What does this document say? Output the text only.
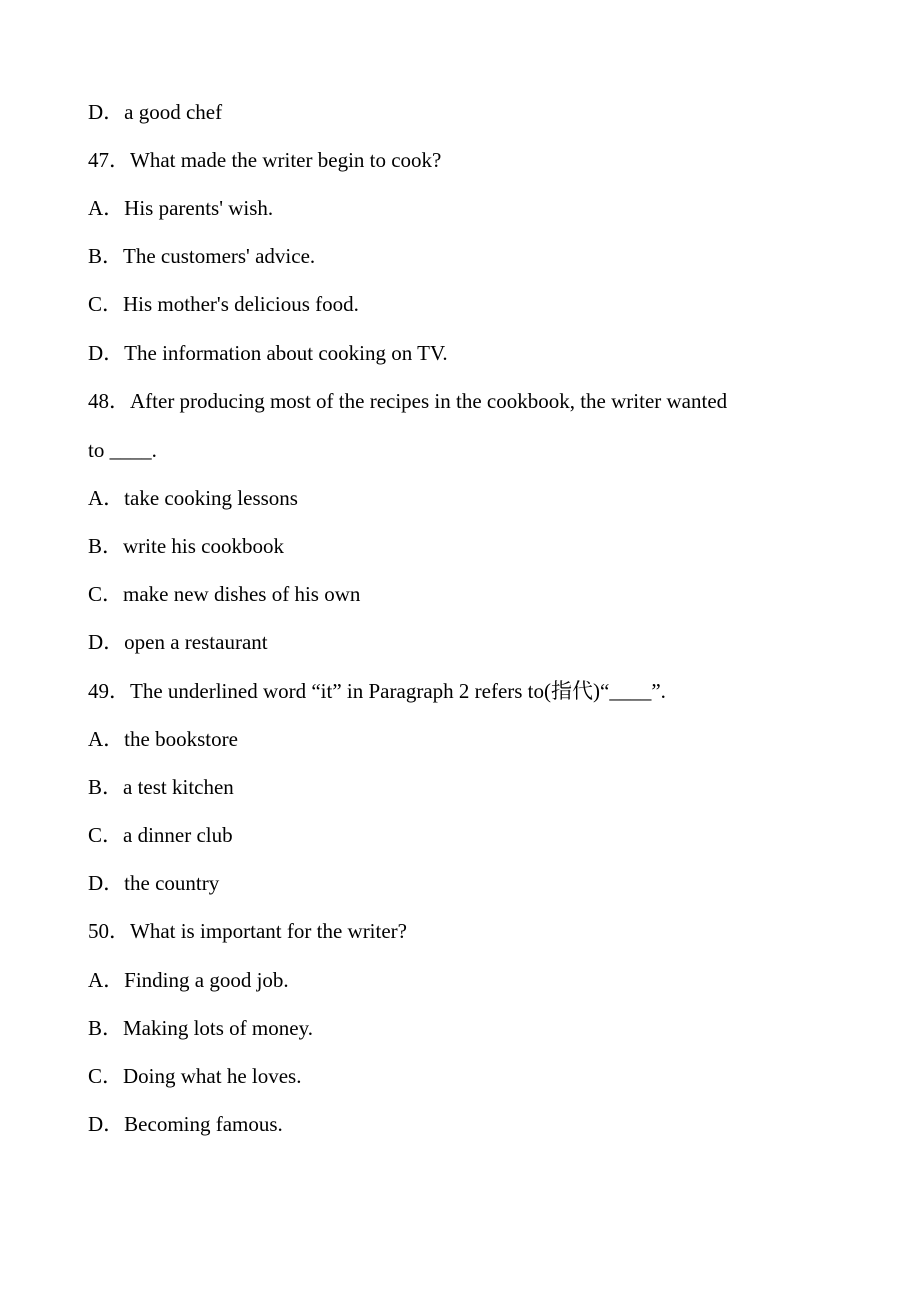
D．a good chef
47．What made the writer begin to cook?
A．His parents' wish.
B．The customers' advice.
C．His mother's delicious food.
D．The information about cooking on TV.
48．After producing most of the recipes in the cookbook, the writer wanted
to ____.
A．take cooking lessons
B．write his cookbook
C．make new dishes of his own
D．open a restaurant
49．The underlined word “it” in Paragraph 2 refers to(指代)“____”.
A．the bookstore
B．a test kitchen
C．a dinner club
D．the country
50．What is important for the writer?
A．Finding a good job.
B．Making lots of money.
C．Doing what he loves.
D．Becoming famous.
